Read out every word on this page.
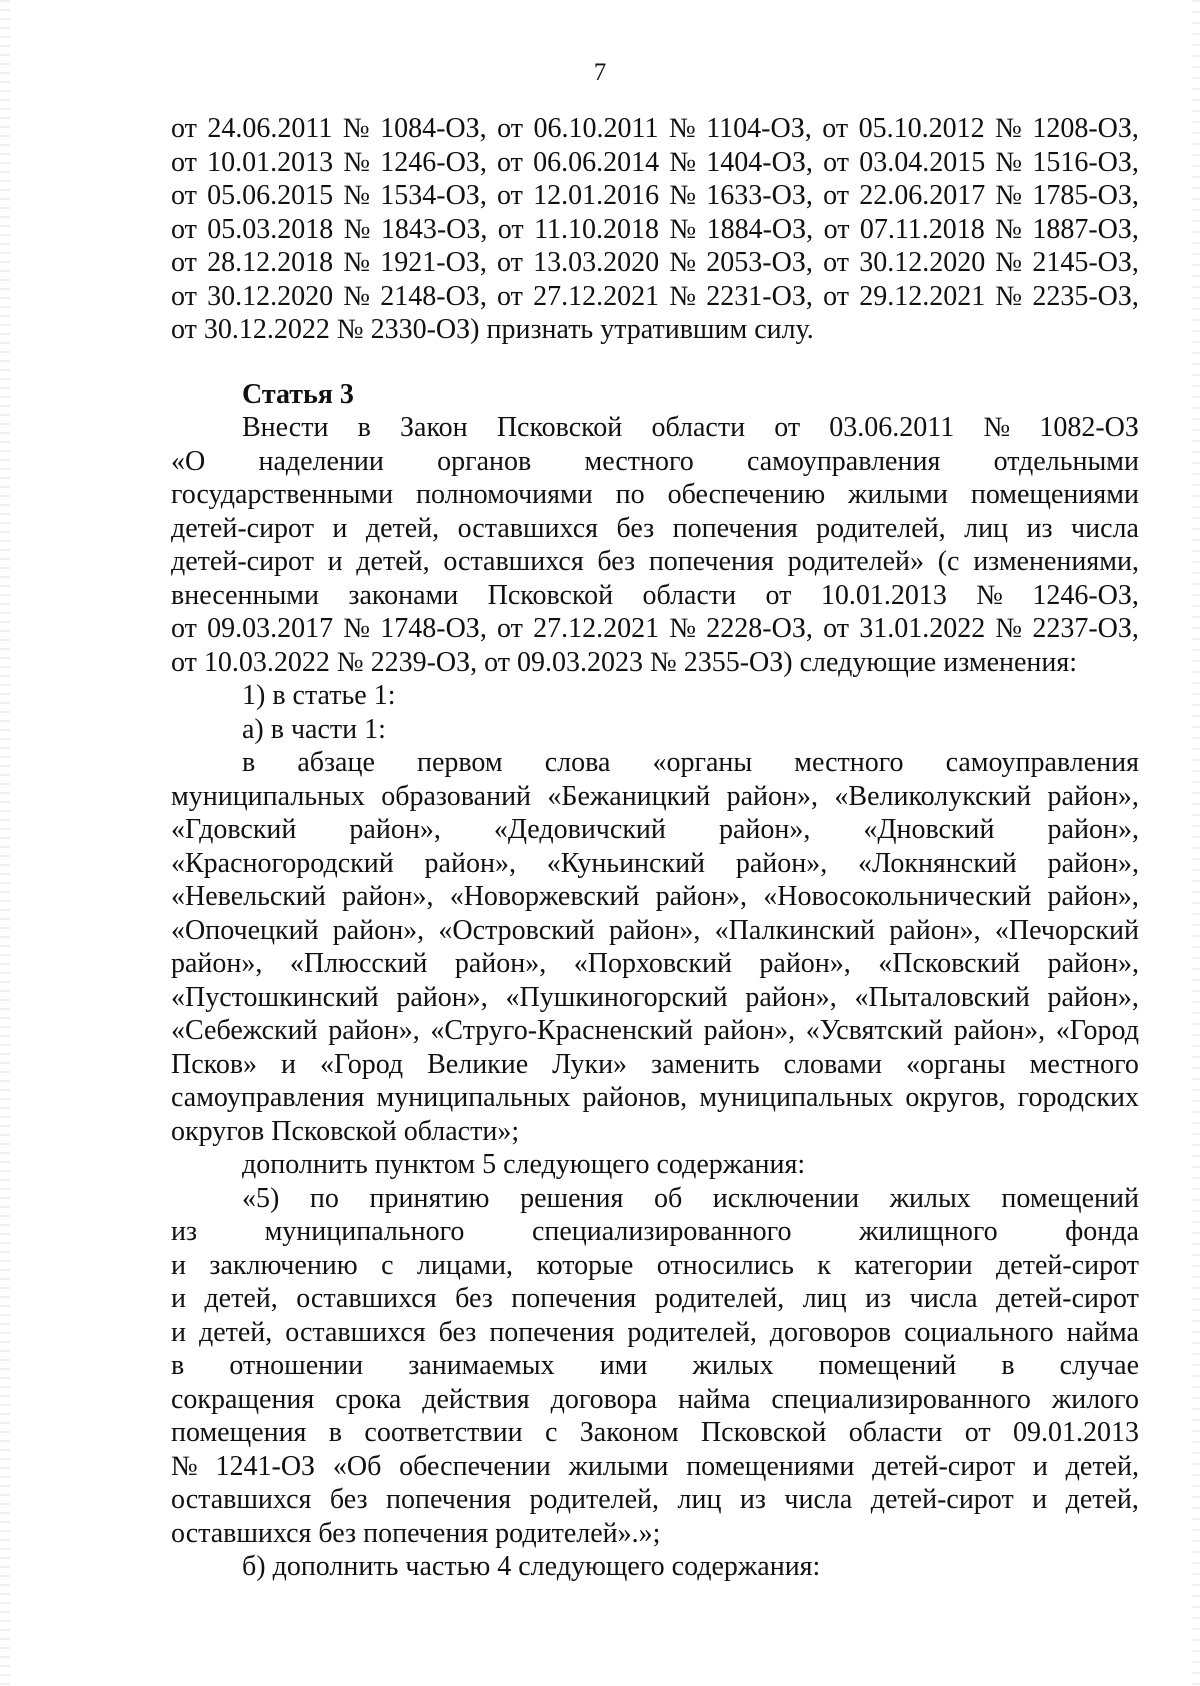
7
от 24.06.2011 № 1084-ОЗ, от 06.10.2011 № 1104-ОЗ, от 05.10.2012 № 1208-ОЗ,
от 10.01.2013 № 1246-ОЗ, от 06.06.2014 № 1404-ОЗ, от 03.04.2015 № 1516-ОЗ,
от 05.06.2015 № 1534-ОЗ, от 12.01.2016 № 1633-ОЗ, от 22.06.2017 № 1785-ОЗ,
от 05.03.2018 № 1843-ОЗ, от 11.10.2018 № 1884-ОЗ, от 07.11.2018 № 1887-ОЗ,
от 28.12.2018 № 1921-ОЗ, от 13.03.2020 № 2053-ОЗ, от 30.12.2020 № 2145-ОЗ,
от 30.12.2020 № 2148-ОЗ, от 27.12.2021 № 2231-ОЗ, от 29.12.2021 № 2235-ОЗ,
от 30.12.2022 № 2330-ОЗ) признать утратившим силу.
Статья 3
Внести в Закон Псковской области от 03.06.2011 № 1082-ОЗ
«О наделении органов местного самоуправления отдельными
государственными полномочиями по обеспечению жилыми помещениями
детей-сирот и детей, оставшихся без попечения родителей, лиц из числа
детей-сирот и детей, оставшихся без попечения родителей» (с изменениями,
внесенными законами Псковской области от 10.01.2013 № 1246-ОЗ,
от 09.03.2017 № 1748-ОЗ, от 27.12.2021 № 2228-ОЗ, от 31.01.2022 № 2237-ОЗ,
от 10.03.2022 № 2239-ОЗ, от 09.03.2023 № 2355-ОЗ) следующие изменения:
1) в статье 1:
а) в части 1:
в абзаце первом слова «органы местного самоуправления
муниципальных образований «Бежаницкий район», «Великолукский район»,
«Гдовский район», «Дедовичский район», «Дновский район»,
«Красногородский район», «Куньинский район», «Локнянский район»,
«Невельский район», «Новоржевский район», «Новосокольнический район»,
«Опочецкий район», «Островский район», «Палкинский район», «Печорский
район», «Плюсский район», «Порховский район», «Псковский район»,
«Пустошкинский район», «Пушкиногорский район», «Пыталовский район»,
«Себежский район», «Струго-Красненский район», «Усвятский район», «Город
Псков» и «Город Великие Луки» заменить словами «органы местного
самоуправления муниципальных районов, муниципальных округов, городских
округов Псковской области»;
дополнить пунктом 5 следующего содержания:
«5) по принятию решения об исключении жилых помещений
из муниципального специализированного жилищного фонда
и заключению с лицами, которые относились к категории детей-сирот
и детей, оставшихся без попечения родителей, лиц из числа детей-сирот
и детей, оставшихся без попечения родителей, договоров социального найма
в отношении занимаемых ими жилых помещений в случае
сокращения срока действия договора найма специализированного жилого
помещения в соответствии с Законом Псковской области от 09.01.2013
№ 1241-ОЗ «Об обеспечении жилыми помещениями детей-сирот и детей,
оставшихся без попечения родителей, лиц из числа детей-сирот и детей,
оставшихся без попечения родителей».»;
б) дополнить частью 4 следующего содержания:
